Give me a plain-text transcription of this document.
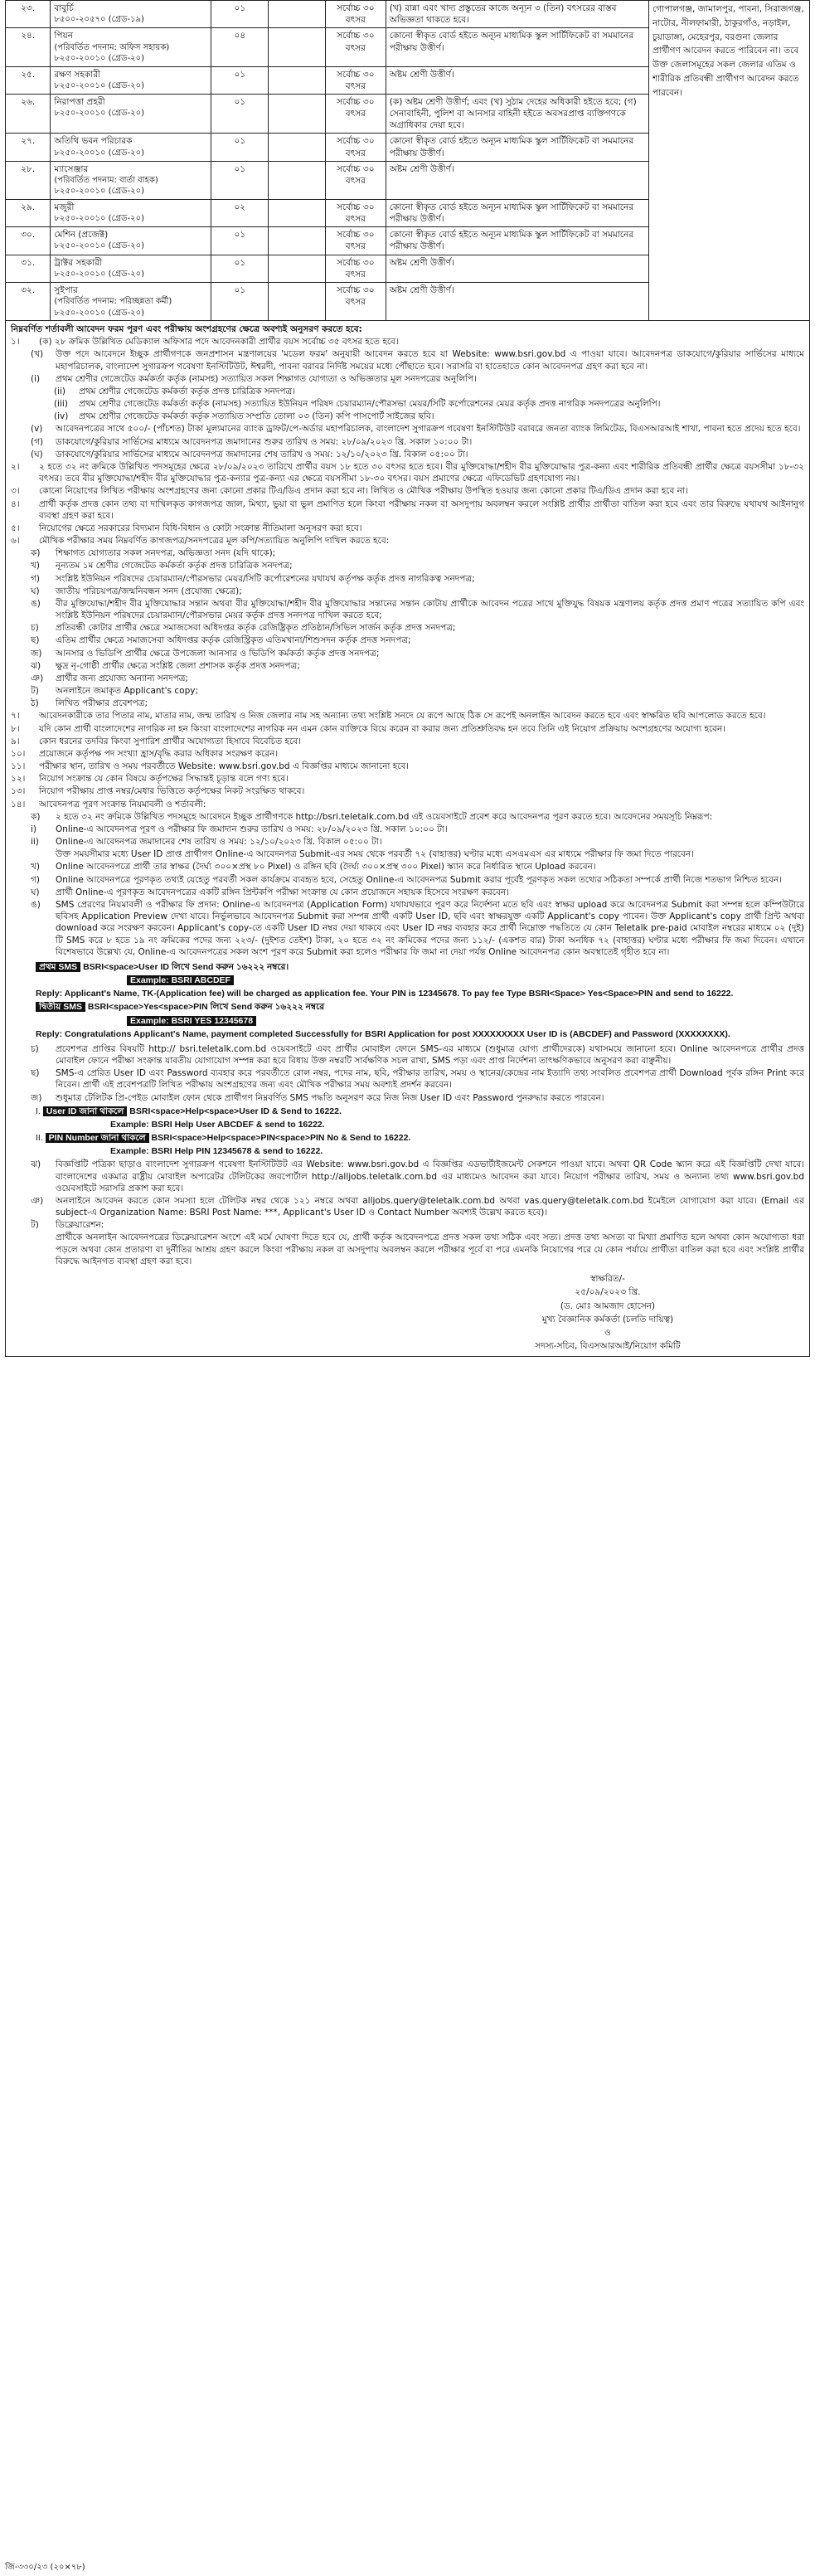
২৩.	বাবুর্চি
৮৫০০-২০৫৭০ (গ্রেড-১৯)	০১		সর্বোচ্চ ৩০ বৎসর	(খ) রান্না এবং খাদ্য প্রস্তুতের কাজে অন্যূন ৩ (তিন) বৎসরের বাস্তব অভিজ্ঞতা থাকতে হবে।	গোপালগঞ্জ, জামালপুর, পাবনা, সিরাজগঞ্জ, নাটোর, নীলফামারী, ঠাকুরগাঁও, নড়াইল, চুয়াডাঙ্গা, মেহেরপুর, বরগুনা জেলার প্রার্থীগণ আবেদন করতে পারিবেন না। তবে উক্ত জেলাসমূহের সকল জেলার এতিম ও শারীরিক প্রতিবন্ধী প্রার্থীগণ আবেদন করতে পারবেন।
২৪.	পিয়ন
(পরিবর্তিত পদনাম: অফিস সহায়ক)
৮২৫০-২০০১০ (গ্রেড-২০)	০৪		সর্বোচ্চ ৩০ বৎসর	কোনো স্বীকৃত বোর্ড হইতে অন্যূন মাধ্যমিক স্কুল সার্টিফিকেট বা সমমানের পরীক্ষায় উত্তীর্ণ।	
২৫.	রক্ষণ সহকারী
৮২৫০-২০০১০ (গ্রেড-২০)	০১		সর্বোচ্চ ৩০ বৎসর	অষ্টম শ্রেণী উত্তীর্ণ।	
২৬.	নিরাপত্তা প্রহরী
৮২৫০-২০০১০ (গ্রেড-২০)	০১		সর্বোচ্চ ৩০ বৎসর	(ক) অষ্টম শ্রেণী উত্তীর্ণ; এবং (খ) সুঠাম দেহের অধিকারী হইতে হবে; (গ) সেনাবাহিনী, পুলিশ বা আনসার বাহিনী হইতে অবসরপ্রাপ্ত ব্যক্তিগণকে অগ্রাধিকার দেয়া হবে।	
২৭.	অতিথি ভবন পরিচারক
৮২৫০-২০০১০ (গ্রেড-২০)	০১		সর্বোচ্চ ৩০ বৎসর	কোনো স্বীকৃত বোর্ড হইতে অন্যূন মাধ্যমিক স্কুল সার্টিফিকেট বা সমমানের পরীক্ষায় উত্তীর্ণ।	
২৮.	ম্যাসেঞ্জার
(পরিবর্তিত পদনাম: বার্তা বাহক)
৮২৫০-২০০১০ (গ্রেড-২০)	০১		সর্বোচ্চ ৩০ বৎসর	অষ্টম শ্রেণী উত্তীর্ণ।	
২৯.	মজুরী
৮২৫০-২০০১০ (গ্রেড-২০)	০২		সর্বোচ্চ ৩০ বৎসর	কোনো স্বীকৃত বোর্ড হইতে অন্যূন মাধ্যমিক স্কুল সার্টিফিকেট বা সমমানের পরীক্ষায় উত্তীর্ণ।	
৩০.	মেশিন (প্রজেক্ট)
৮২৫০-২০০১০ (গ্রেড-২০)	০১		সর্বোচ্চ ৩০ বৎসর	কোনো স্বীকৃত বোর্ড হইতে অন্যূন মাধ্যমিক স্কুল সার্টিফিকেট বা সমমানের পরীক্ষায় উত্তীর্ণ।	
৩১.	ট্রাক্টর সহকারী
৮২৫০-২০০১০ (গ্রেড-২০)	০১		সর্বোচ্চ ৩০ বৎসর	অষ্টম শ্রেণী উত্তীর্ণ।	
৩২.	সুইপার
(পরিবর্তিত পদনাম: পরিচ্ছন্নতা কর্মী)
৮২৫০-২০০১০ (গ্রেড-২০)	০১		সর্বোচ্চ ৩০ বৎসর	অষ্টম শ্রেণী উত্তীর্ণ।	
নিম্নবর্ণিত শর্তাবলী আবেদন ফরম পূরণ এবং পরীক্ষায় অংশগ্রহণের ক্ষেত্রে অবশ্যই অনুসরণ করতে হবে:
১।	(ক) ২৮ ক্রমিক উল্লিখিত মেডিক্যাল অফিসার পদে আবেদনকারী প্রার্থীর বয়স সর্বোচ্চ ৩৫ বৎসর হতে হবে।
(খ)	উক্ত পদে আবেদনে ইচ্ছুক প্রার্থীগণকে জনপ্রশাসন মন্ত্রণালয়ের 'মডেল ফরম' অনুযায়ী আবেদন করতে হবে যা Website: www.bsri.gov.bd এ পাওয়া যাবে। আবেদনপত্র ডাকযোগে/কুরিয়ার সার্ভিসের মাধ্যমে মহাপরিচালক, বাংলাদেশ সুগারক্রপ গবেষণা ইনস্টিটিউট, ঈশ্বরদী, পাবনা বরাবর নির্দিষ্ট সময়ের মধ্যে পৌঁছাতে হবে। সরাসরি বা হাতেহাতে কোন আবেদনপত্র গ্রহণ করা হবে না।
(i)	প্রথম শ্রেণীর গেজেটেড কর্মকর্তা কর্তৃক (নামসহ) সত্যায়িত সকল শিক্ষাগত যোগ্যতা ও অভিজ্ঞতার মূল সনদপত্রের অনুলিপি।
(ii)	প্রথম শ্রেণীর গেজেটেড কর্মকর্তা কর্তৃক প্রদত্ত চারিত্রিক সনদপত্র।
(iii)	প্রথম শ্রেণীর গেজেটেড কর্মকর্তা কর্তৃক (নামসহ) সত্যায়িত ইউনিয়ন পরিষদ চেয়ারম্যান/পৌরসভা মেয়র/সিটি কর্পোরেশনের মেয়র কর্তৃক প্রদত্ত নাগরিক সনদপত্রের অনুলিপি।
(iv)	প্রথম শ্রেণীর গেজেটেড কর্মকর্তা কর্তৃক সত্যায়িত সম্প্রতি তোলা ০৩ (তিন) কপি পাসপোর্ট সাইজের ছবি।
(v)	আবেদনপত্রের সাথে ৫০০/- (পাঁচশত) টাকা মূল্যমানের ব্যাংক ড্রাফট/পে-অর্ডার মহাপরিচালক, বাংলাদেশ সুগারক্রপ গবেষণা ইনস্টিটিউট বরাবরে জনতা ব্যাংক লিমিটেড, বিএসআরআই শাখা, পাবনা হতে প্রদেয় হতে হবে।
(গ)	ডাকযোগে/কুরিয়ার সার্ভিসের মাধ্যমে আবেদনপত্র জমাদানের শুরুর তারিখ ও সময়: ২৮/০৯/২০২৩ খ্রি. সকাল ১০:০০ টা।
(ঘ)	ডাকযোগে/কুরিয়ার সার্ভিসের মাধ্যমে আবেদনপত্র জমাদানের শেষ তারিখ ও সময়: ১২/১০/২০২৩ খ্রি. বিকাল ০৫:০০ টা।
২।	২ হতে ৩২ নং ক্রমিকে উল্লিখিত পদসমূহের ক্ষেত্রে ২৮/০৯/২০২৩ তারিখে প্রার্থীর বয়স ১৮ হতে ৩০ বৎসর হতে হবে। বীর মুক্তিযোদ্ধা/শহীদ বীর মুক্তিযোদ্ধার পুত্র-কন্যা এবং শারীরিক প্রতিবন্ধী প্রার্থীর ক্ষেত্রে বয়সসীমা ১৮-৩২ বৎসর। তবে বীর মুক্তিযোদ্ধা/শহীদ বীর মুক্তিযোদ্ধার পুত্র-কন্যার পুত্র-কন্যা এর ক্ষেত্রে বয়সসীমা ১৮-৩০ বৎসর। বয়স প্রমাণের ক্ষেত্রে এফিডেভিট গ্রহণযোগ্য নয়।
৩।	কোনো নিয়োগের লিখিত পরীক্ষায় অংশগ্রহণের জন্য কোনো প্রকার টিএ/ডিএ প্রদান করা হবে না। লিখিত ও মৌখিক পরীক্ষায় উপস্থিত হওয়ার জন্য কোনো প্রকার টিএ/ডিএ প্রদান করা হবে না।
৪।	প্রার্থী কর্তৃক প্রদত্ত কোন তথ্য বা দাখিলকৃত কাগজপত্র জাল, মিথ্যা, ভুয়া বা ভুল প্রমাণিত হলে কিংবা পরীক্ষায় নকল বা অসদুপায় অবলম্বন করলে সংশ্লিষ্ট প্রার্থীর প্রার্থীতা বাতিল করা হবে এবং তার বিরুদ্ধে যথাযথ আইনানুগ ব্যবস্থা গ্রহণ করা হবে।
৫।	নিয়োগের ক্ষেত্রে সরকারের বিদ্যমান বিধি-বিধান ও কোটা সংক্রান্ত নীতিমালা অনুসরণ করা হবে।
৬।	মৌখিক পরীক্ষার সময় নিম্নবর্ণিত কাগজপত্র/সনদপত্রের মূল কপি/সত্যায়িত অনুলিপি দাখিল করতে হবে:
ক)	শিক্ষাগত যোগ্যতার সকল সনদপত্র, অভিজ্ঞতা সনদ (যদি থাকে);
খ)	নূন্যতম ১ম শ্রেণীর গেজেটেড কর্মকর্তা কর্তৃক প্রদত্ত চারিত্রিক সনদপত্র;
গ)	সংশ্লিষ্ট ইউনিয়ন পরিষদের চেয়ারম্যান/পৌরসভার মেয়র/সিটি কর্পোরেশনের যথাযথ কর্তৃপক্ষ কর্তৃক প্রদত্ত নাগরিকত্ব সনদপত্র;
ঘ)	জাতীয় পরিচয়পত্র/জন্মনিবন্ধন সনদ (প্রযোজ্য ক্ষেত্রে);
ঙ)	বীর মুক্তিযোদ্ধা/শহীদ বীর মুক্তিযোদ্ধার সন্তান অথবা বীর মুক্তিযোদ্ধা/শহীদ বীর মুক্তিযোদ্ধার সন্তানের সন্তান কোটায় প্রার্থীকে আবেদন পত্রের সাথে মুক্তিযুদ্ধ বিষয়ক মন্ত্রণালয় কর্তৃক প্রদত্ত প্রমাণ পত্রের সত্যায়িত কপি এবং সংশ্লিষ্ট ইউনিয়ন পরিষদের চেয়ারম্যান/পৌরসভার মেয়র কর্তৃক প্রদত্ত সনদপত্র দাখিল করতে হবে;
চ)	প্রতিবন্ধী কোটার প্রার্থীর ক্ষেত্রে সমাজসেবা অধিদপ্তর কর্তৃক রেজিষ্ট্রিকৃত প্রতিষ্ঠান/সিভিল সার্জন কর্তৃক প্রদত্ত সনদপত্র;
ছ)	এতিম প্রার্থীর ক্ষেত্রে সমাজসেবা অধিদপ্তর কর্তৃক রেজিস্ট্রিকৃত এতিমখানা/শিশুসদন কর্তৃক প্রদত্ত সনদপত্র;
জ)	আনসার ও ভিডিপি প্রার্থীর ক্ষেত্রে উপজেলা আনসার ও ভিডিপি কর্মকর্তা কর্তৃক প্রদত্ত সনদপত্র;
ঝ)	ক্ষুদ্র নৃ-গোষ্ঠী প্রার্থীর ক্ষেত্রে সংশ্লিষ্ট জেলা প্রশাসক কর্তৃক প্রদত্ত সনদপত্র;
ঞ)	প্রার্থীর জন্য প্রযোজ্য অন্যান্য সনদপত্র;
ট)	অনলাইনে জমাকৃত Applicant's copy;
ঠ)	লিখিত পরীক্ষার প্রবেশপত্র;
৭।	আবেদনকারীকে তার পিতার নাম, মাতার নাম, জন্ম তারিখ ও নিজ জেলার নাম সহ অন্যান্য তথ্য সংশ্লিষ্ট সনদে যে রূপে আছে ঠিক সে রূপেই অনলাইন আবেদন করতে হবে এবং স্বাক্ষরিত ছবি আপলোড করতে হবে।
৮।	যদি কোন প্রার্থী বাংলাদেশের নাগরিক না হন কিংবা বাংলাদেশের নাগরিক নন এমন কোন ব্যক্তিকে বিয়ে করেন বা করার জন্য প্রতিশ্রুতিবদ্ধ হন তবে তিনি এই নিয়োগ প্রক্রিয়ায় অংশগ্রহণের অযোগ্য হবেন।
৯।	কোন ধরনের তদবির কিংবা সুপারিশ প্রার্থীর অযোগ্যতা হিসাবে বিবেচিত হবে।
১০।	প্রয়োজনে কর্তৃপক্ষ পদ সংখ্যা হ্রাস/বৃদ্ধি করার অধিকার সংরক্ষণ করেন।
১১।	পরীক্ষার স্থান, তারিখ ও সময় পরবর্তীতে Website: www.bsri.gov.bd এ বিজ্ঞপ্তির মাধ্যমে জানানো হবে।
১২।	নিয়োগ সংক্রান্ত যে কোন বিষয়ে কর্তৃপক্ষের সিদ্ধান্তই চূড়ান্ত বলে গণ্য হবে।
১৩।	নিয়োগ পরীক্ষায় প্রাপ্ত নম্বর/মেধার ভিত্তিতে কর্তৃপক্ষের নিকট সংরক্ষিত থাকবে।
১৪।	আবেদনপত্র পূরণ সংক্রান্ত নিয়মাবলী ও শর্তাবলী:
ক)	২ হতে ৩২ নং ক্রমিকে উল্লিখিত পদসমূহে আবেদনে ইচ্ছুক প্রার্থীগণকে http://bsri.teletalk.com.bd এই ওয়েবসাইটে প্রবেশ করে আবেদনপত্র পূরণ করতে হবে। আবেদনের সময়সূচি নিম্নরূপ:
i)	Online-এ আবেদনপত্র পূরণ ও পরীক্ষার ফি জমাদান শুরুর তারিখ ও সময়: ২৮/০৯/২০২৩ খ্রি. সকাল ১০:০০ টা।
ii)	Online-এ আবেদনপত্র জমাদানের শেষ তারিখ ও সময়: ১২/১০/২০২৩ খ্রি. বিকাল ০৫:০০ টা।
উক্ত সময়সীমার মধ্যে User ID প্রাপ্ত প্রার্থীগণ Online-এ আবেদনপত্র Submit-এর সময় থেকে পরবর্তী ৭২ (বাহাত্তর) ঘণ্টার মধ্যে এসএমএস এর মাধ্যমে পরীক্ষার ফি জমা দিতে পারবেন।
খ)	Online আবেদনপত্রে প্রার্থী তার স্বাক্ষর (দৈর্ঘ্য ৩০০×প্রস্থ ৮০ Pixel) ও রঙ্গিন ছবি (দৈর্ঘ্য ৩০০×প্রস্থ ৩০০ Pixel) স্ক্যান করে নির্ধারিত স্থানে Upload করবেন।
গ)	Online আবেদনপত্রে পূরণকৃত তথ্যই যেহেতু পরবর্তী সকল কার্যক্রমে ব্যবহৃত হবে, সেহেতু Online-এ আবেদনপত্র Submit করার পূর্বেই পূরণকৃত সকল তথ্যের সঠিকতা সম্পর্কে প্রার্থী নিজে শতভাগ নিশ্চিত হবেন।
ঘ)	প্রার্থী Online-এ পূরণকৃত আবেদনপত্রের একটি রঙ্গিন প্রিন্টকপি পরীক্ষা সংক্রান্ত যে কোন প্রয়োজনে সহায়ক হিসেবে সংরক্ষণ করবেন।
ঙ)	SMS প্রেরণের নিয়মাবলী ও পরীক্ষার ফি প্রদান: Online-এ আবেদনপত্র (Application Form) যথাযথভাবে পূরণ করে নির্দেশনা মতে ছবি এবং স্বাক্ষর upload করে আবেদনপত্র Submit করা সম্পন্ন হলে কম্পিউটারে ছবিসহ Application Preview দেখা যাবে। নির্ভুলভাবে আবেদনপত্র Submit করা সম্পন্ন প্রার্থী একটি User ID, ছবি এবং স্বাক্ষরযুক্ত একটি Applicant's copy পাবেন। উক্ত Applicant's copy প্রার্থী প্রিন্ট অথবা download করে সংরক্ষণ করবেন। Applicant's copy-তে একটি User ID নম্বর দেয়া থাকবে এবং User ID নম্বর ব্যবহার করে প্রার্থী নিম্নোক্ত পদ্ধতিতে যে কোন Teletalk pre-paid মোবাইল নম্বরের মাধ্যমে ০২ (দুই) টি SMS করে ৮ হতে ১৯ নং ক্রমিকের পদের জন্য ২২৩/- (দুইশত তেইশ) টাকা, ২০ হতে ৩২ নং ক্রমিকের পদের জন্য ১১২/- (একশত বার) টাকা অনধিক ৭২ (বাহাত্তর) ঘণ্টার মধ্যে পরীক্ষার ফি জমা দিবেন। এখানে বিশেষভাবে উল্লেখ্য যে, Online-এ আবেদনপত্রের সকল অংশ পূরণ করে Submit করা হলেও পরীক্ষার ফি জমা না দেয়া পর্যন্ত Online আবেদনপত্র কোন অবস্থাতেই গৃহীত হবে না।
প্রথম SMS BSRI<space>User ID লিখে Send করুন ১৬২২২ নম্বরে।
Example: BSRI ABCDEF
Reply: Applicant's Name, TK-(Application fee) will be charged as application fee. Your PIN is 12345678. To pay fee Type BSRI<Space> Yes<Space>PIN and send to 16222.
দ্বিতীয় SMS BSRI<space>Yes<space>PIN লিখে Send করুন ১৬২২২ নম্বরে
Example: BSRI YES 12345678
Reply: Congratulations Applicant's Name, payment completed Successfully for BSRI Application for post XXXXXXXXX User ID is (ABCDEF) and Password (XXXXXXXX).
চ)	প্রবেশপত্র প্রাপ্তির বিষয়টি http:// bsri.teletalk.com.bd ওয়েবসাইটে এবং প্রার্থীর মোবাইল ফোনে SMS-এর মাধ্যমে (শুধুমাত্র যোগ্য প্রার্থীদেরকে) যথাসময়ে জানানো হবে। Online আবেদনপত্রে প্রার্থীর প্রদত্ত মোবাইল ফোনে পরীক্ষা সংক্রান্ত যাবতীয় যোগাযোগ সম্পন্ন করা হবে বিধায় উক্ত নম্বরটি সার্বক্ষণিক সচল রাখা, SMS পড়া এবং প্রাপ্ত নির্দেশনা তাৎক্ষণিকভাবে অনুসরণ করা বাঞ্ছনীয়।
ছ)	SMS-এ প্রেরিত User ID এবং Password ব্যবহার করে পরবর্তীতে রোল নম্বর, পদের নাম, ছবি, পরীক্ষার তারিখ, সময় ও স্থানের/কেন্দ্রের নাম ইত্যাদি তথ্য সংবলিত প্রবেশপত্র প্রার্থী Download পূর্বক রঙ্গিন Print করে নিবেন। প্রার্থী এই প্রবেশপত্রটি লিখিত পরীক্ষায় অংশগ্রহণের জন্য এবং মৌখিক পরীক্ষার সময় অবশ্যই প্রদর্শন করবেন।
জ)	শুধুমাত্র টেলিটক প্রি-পেইড মোবাইল ফোন থেকে প্রার্থীগণ নিম্নবর্ণিত SMS পদ্ধতি অনুসরণ করে নিজ নিজ User ID এবং Password পুনরুদ্ধার করতে পারবেন।
I. User ID জানা থাকলে BSRI<space>Help<space>User ID & Send to 16222.
Example: BSRI Help User ABCDEF & send to 16222.
II. PIN Number জানা থাকলে BSRI<space>Help<space>PIN<space>PIN No & Send to 16222.
Example: BSRI Help PIN 12345678 & send to 16222.
ঝ)	বিজ্ঞপ্তিটি পত্রিকা ছাড়াও বাংলাদেশ সুগারক্রপ গবেষণা ইনস্টিটিউট এর Website: www.bsri.gov.bd এ বিজ্ঞপ্তির এডভার্টাইজমেন্ট সেকশনে পাওয়া যাবে। অথবা QR Code স্ক্যান করে এই বিজ্ঞপ্তিটি দেখা যাবে। বাংলাদেশের একমাত্র রাষ্ট্রীয় মোবাইল অপারেটর টেলিটকের জবপোর্টাল http://alljobs.teletalk.com.bd এর মাধ্যমেও আবেদন করা যাবে। নিয়োগ পরীক্ষার তারিখ, সময় ও অন্যান্য তথ্য www.bsri.gov.bd ওয়েবসাইটে সরাসরি প্রকাশ করা হবে।
ঞ)	অনলাইনে আবেদন করতে কোন সমস্যা হলে টেলিটক নম্বর থেকে ১২১ নম্বরে অথবা alljobs.query@teletalk.com.bd অথবা vas.query@teletalk.com.bd ইমেইলে যোগাযোগ করা যাবে। (Email এর subject-এ Organization Name: BSRI Post Name: ***, Applicant's User ID ও Contact Number অবশ্যই উল্লেখ করতে হবে)।
ট)	ডিক্লেয়ারেশন:
প্রার্থীকে অনলাইন আবেদনপত্রের ডিক্লেয়ারেশন অংশে এই মর্মে ঘোষণা দিতে হবে যে, প্রার্থী কর্তৃক আবেদনপত্রে প্রদত্ত সকল তথ্য সঠিক এবং সত্য। প্রদত্ত তথ্য অসত্য বা মিথ্যা প্রমাণিত হলে অথবা কোন অযোগ্যতা ধরা পড়লে অথবা কোন প্রতারণা বা দুর্নীতির আশ্রয় গ্রহণ করলে কিংবা পরীক্ষায় নকল বা অসদুপায় অবলম্বন করলে পরীক্ষার পূর্বে বা পরে এমনকি নিয়োগের পরে যে কোন পর্যায়ে প্রার্থীতা বাতিল করা হবে এবং সংশ্লিষ্ট প্রার্থীর বিরুদ্ধে আইনগত ব্যবস্থা গ্রহণ করা হবে।
স্বাক্ষরিত/-
২৫/০৯/২০২৩ খ্রি.
(ড. মোঃ আমজাদ হোসেন)
মুখ্য বৈজ্ঞানিক কর্মকর্তা (চলতি দায়িত্ব)
ও
সদস্য-সচিব, বিএসআরআই/নিয়োগ কমিটি
জি-৩৩০/২৩ (২০×৭৮)
